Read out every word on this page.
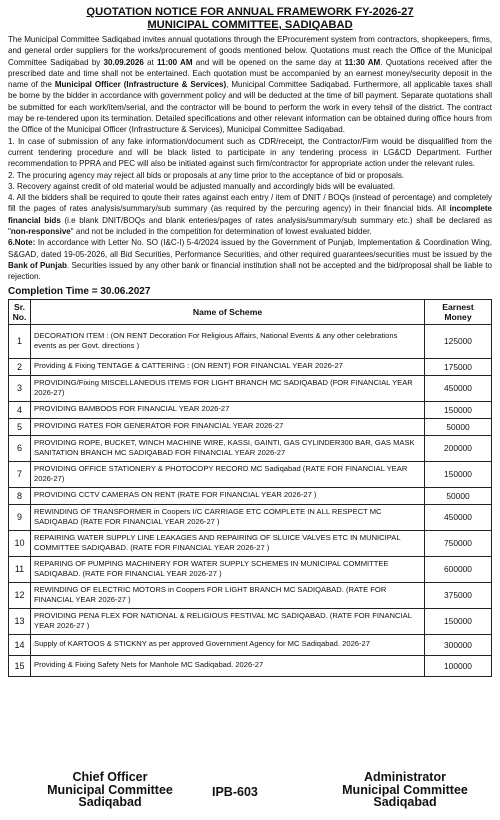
QUOTATION NOTICE FOR ANNUAL FRAMEWORK FY-2026-27

MUNICIPAL COMMITTEE, SADIQABAD

The Municipal Committee Sadiqabad invites annual quotations through the EProcurement system from contractors, shopkeepers, firms, and general order suppliers for the works/procurement of goods mentioned below. Quotations must reach the Office of the Municipal Committee Sadiqabad by 30.09.2026 at 11:00 AM and will be opened on the same day at 11:30 AM. Quotations received after the prescribed date and time shall not be entertained. Each quotation must be accompanied by an earnest money/security deposit in the name of the Municipal Officer (Infrastructure & Services), Municipal Committee Sadiqabad. Furthermore, all applicable taxes shall be borne by the bidder in accordance with government policy and will be deducted at the time of bill payment. Separate quotations shall be submitted for each work/item/serial, and the contractor will be bound to perform the work in every tehsil of the district. The contract may be re-tendered upon its termination. Detailed specifications and other relevant information can be obtained during office hours from the Office of the Municipal Officer (Infrastructure & Services), Municipal Committee Sadiqabad.

1. In case of submission of any fake information/document such as CDR/receipt, the Contractor/Firm would be disqualified from the current tendering procedure and will be black listed to participate in any tendering process in LG&CD Department. Further recommendation to PPRA and PEC will also be initiated against such firm/contractor for appropriate action under the relevant rules.

2. The procuring agency may reject all bids or proposals at any time prior to the acceptance of bid or proposals.

3. Recovery against credit of old material would be adjusted manually and accordingly bids will be evaluated.

4. All the bidders shall be required to qoute their rates against each entry / item of DNIT / BOQs (instead of percentage) and completely fill the pages of rates analysis/summary/sub summary (as required by the percuring agency) in their financial bids. All incomplete financial bids (i.e blank DNIT/BOQs and blank enteries/pages of rates analysis/summary/sub summary etc.) shall be declared as "non-responsive" and not be included in the competition for determination of lowest evaluated bidder.

6.Note: In accordance with Letter No. SO (I&C-I) 5-4/2024 issued by the Government of Punjab, Implementation & Coordination Wing, S&GAD, dated 19-05-2026, all Bid Securities, Performance Securities, and other required guarantees/securities must be issued by the Bank of Punjab. Securities issued by any other bank or financial institution shall not be accepted and the bid/proposal shall be liable to rejection.

Completion Time = 30.06.2027
Sr. No.	Name of Scheme	Earnest Money
1	DECORATION ITEM : (ON RENT Decoration For Religious Affairs, National Events & any other celebrations events as per Govt. directions )	125000
2	Providing & Fixing TENTAGE & CATTERING : (ON RENT) FOR FINANCIAL YEAR 2026-27	175000
3	PROVIDING/Fixing MISCELLANEOUS ITEMS FOR LIGHT BRANCH MC SADIQABAD (FOR FINANCIAL YEAR 2026-27)	450000
4	PROVIDING BAMBOOS FOR FINANCIAL YEAR 2026-27	150000
5	PROVIDING RATES FOR GENERATOR FOR FINANCIAL YEAR 2026-27	50000
6	PROVIDING ROPE, BUCKET, WINCH MACHINE WIRE, KASSI, GAINTI, GAS CYLINDER300 BAR, GAS MASK SANITATION BRANCH MC SADIQABAD FOR FINANCIAL YEAR 2026-27	200000
7	PROVIDING OFFICE STATIONERY & PHOTOCOPY RECORD MC Sadiqabad (RATE FOR FINANCIAL YEAR 2026-27)	150000
8	PROVIDING CCTV CAMERAS ON RENT (RATE FOR FINANCIAL YEAR 2026-27 )	50000
9	REWINDING OF TRANSFORMER in Coopers I/C CARRIAGE ETC COMPLETE IN ALL RESPECT MC SADIQABAD (RATE FOR FINANCIAL YEAR 2026-27 )	450000
10	REPAIRING WATER SUPPLY LINE LEAKAGES AND REPAIRING OF SLUICE VALVES ETC IN MUNICIPAL COMMITTEE SADIQABAD. (RATE FOR FINANCIAL YEAR 2026-27 )	750000
11	REPARING OF PUMPING MACHINERY FOR WATER SUPPLY SCHEMES IN MUNICIPAL COMMITTEE SADIQABAD. (RATE FOR FINANCIAL YEAR 2026-27 )	600000
12	REWINDING OF ELECTRIC MOTORS in Coopers FOR LIGHT BRANCH MC SADIQABAD. (RATE FOR FINANCIAL YEAR 2026-27 )	375000
13	PROVIDING PENA FLEX FOR NATIONAL & RELIGIOUS FESTIVAL MC SADIQABAD. (RATE FOR FINANCIAL YEAR 2026-27 )	150000
14	Supply of KARTOOS & STICKNY as per approved Government Agency for MC Sadiqabad. 2026-27	300000
15	Providing & Fixing Safety Nets for Manhole MC Sadiqabad. 2026-27	100000
Chief Officer
Municipal Committee
Sadiqabad
IPB-603
Administrator
Municipal Committee
Sadiqabad
